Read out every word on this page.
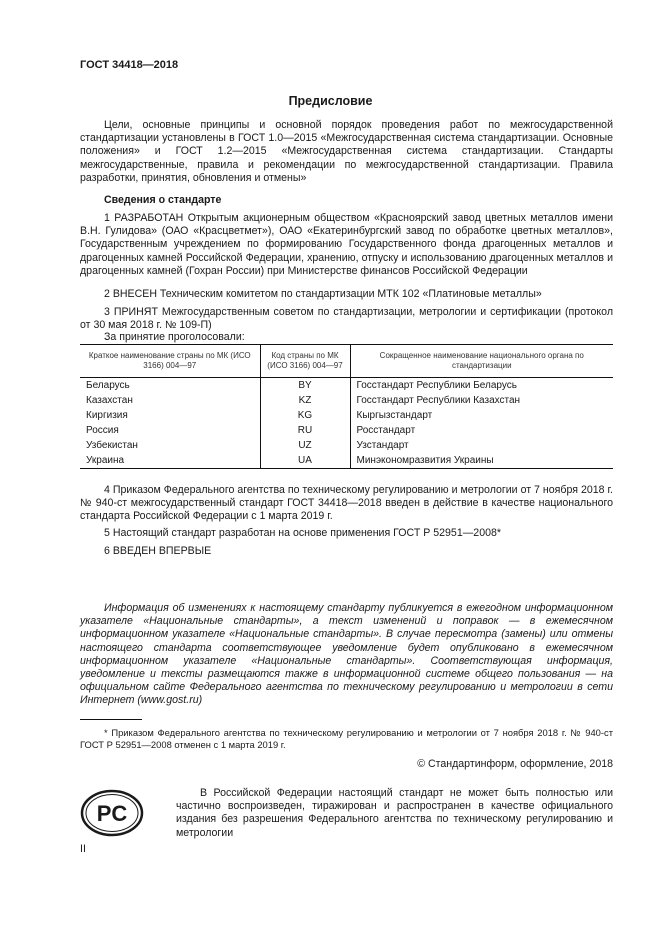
ГОСТ 34418—2018
Предисловие

Цели, основные принципы и основной порядок проведения работ по межгосударственной стандартизации установлены в ГОСТ 1.0—2015 «Межгосударственная система стандартизации. Основные положения» и ГОСТ 1.2—2015 «Межгосударственная система стандартизации. Стандарты межгосударственные, правила и рекомендации по межгосударственной стандартизации. Правила разработки, принятия, обновления и отмены»

Сведения о стандарте

1 РАЗРАБОТАН Открытым акционерным обществом «Красноярский завод цветных металлов имени В.Н. Гулидова» (ОАО «Красцветмет»), ОАО «Екатеринбургский завод по обработке цветных металлов», Государственным учреждением по формированию Государственного фонда драгоценных металлов и драгоценных камней Российской Федерации, хранению, отпуску и использованию драгоценных металлов и драгоценных камней (Гохран России) при Министерстве финансов Российской Федерации

2 ВНЕСЕН Техническим комитетом по стандартизации МТК 102 «Платиновые металлы»

3 ПРИНЯТ Межгосударственным советом по стандартизации, метрологии и сертификации (протокол от 30 мая 2018 г. № 109-П)

За принятие проголосовали:

Краткое наименование страны по МК (ИСО 3166) 004—97	Код страны по МК (ИСО 3166) 004—97	Сокращенное наименование национального органа по стандартизации
Беларусь	BY	Госстандарт Республики Беларусь
Казахстан	KZ	Госстандарт Республики Казахстан
Киргизия	KG	Кыргызстандарт
Россия	RU	Росстандарт
Узбекистан	UZ	Узстандарт
Украина	UA	Минэкономразвития Украины

4 Приказом Федерального агентства по техническому регулированию и метрологии от 7 ноября 2018 г. № 940-ст межгосударственный стандарт ГОСТ 34418—2018 введен в действие в качестве национального стандарта Российской Федерации с 1 марта 2019 г.

5 Настоящий стандарт разработан на основе применения ГОСТ Р 52951—2008*

6 ВВЕДЕН ВПЕРВЫЕ

Информация об изменениях к настоящему стандарту публикуется в ежегодном информационном указателе «Национальные стандарты», а текст изменений и поправок — в ежемесячном информационном указателе «Национальные стандарты». В случае пересмотра (замены) или отмены настоящего стандарта соответствующее уведомление будет опубликовано в ежемесячном информационном указателе «Национальные стандарты». Соответствующая информация, уведомление и тексты размещаются также в информационной системе общего пользования — на официальном сайте Федерального агентства по техническому регулированию и метрологии в сети Интернет (www.gost.ru)

* Приказом Федерального агентства по техническому регулированию и метрологии от 7 ноября 2018 г. № 940-ст ГОСТ Р 52951—2008 отменен с 1 марта 2019 г.

© Стандартинформ, оформление, 2018
PC

В Российской Федерации настоящий стандарт не может быть полностью или частично воспроизведен, тиражирован и распространен в качестве официального издания без разрешения Федерального агентства по техническому регулированию и метрологии

II
